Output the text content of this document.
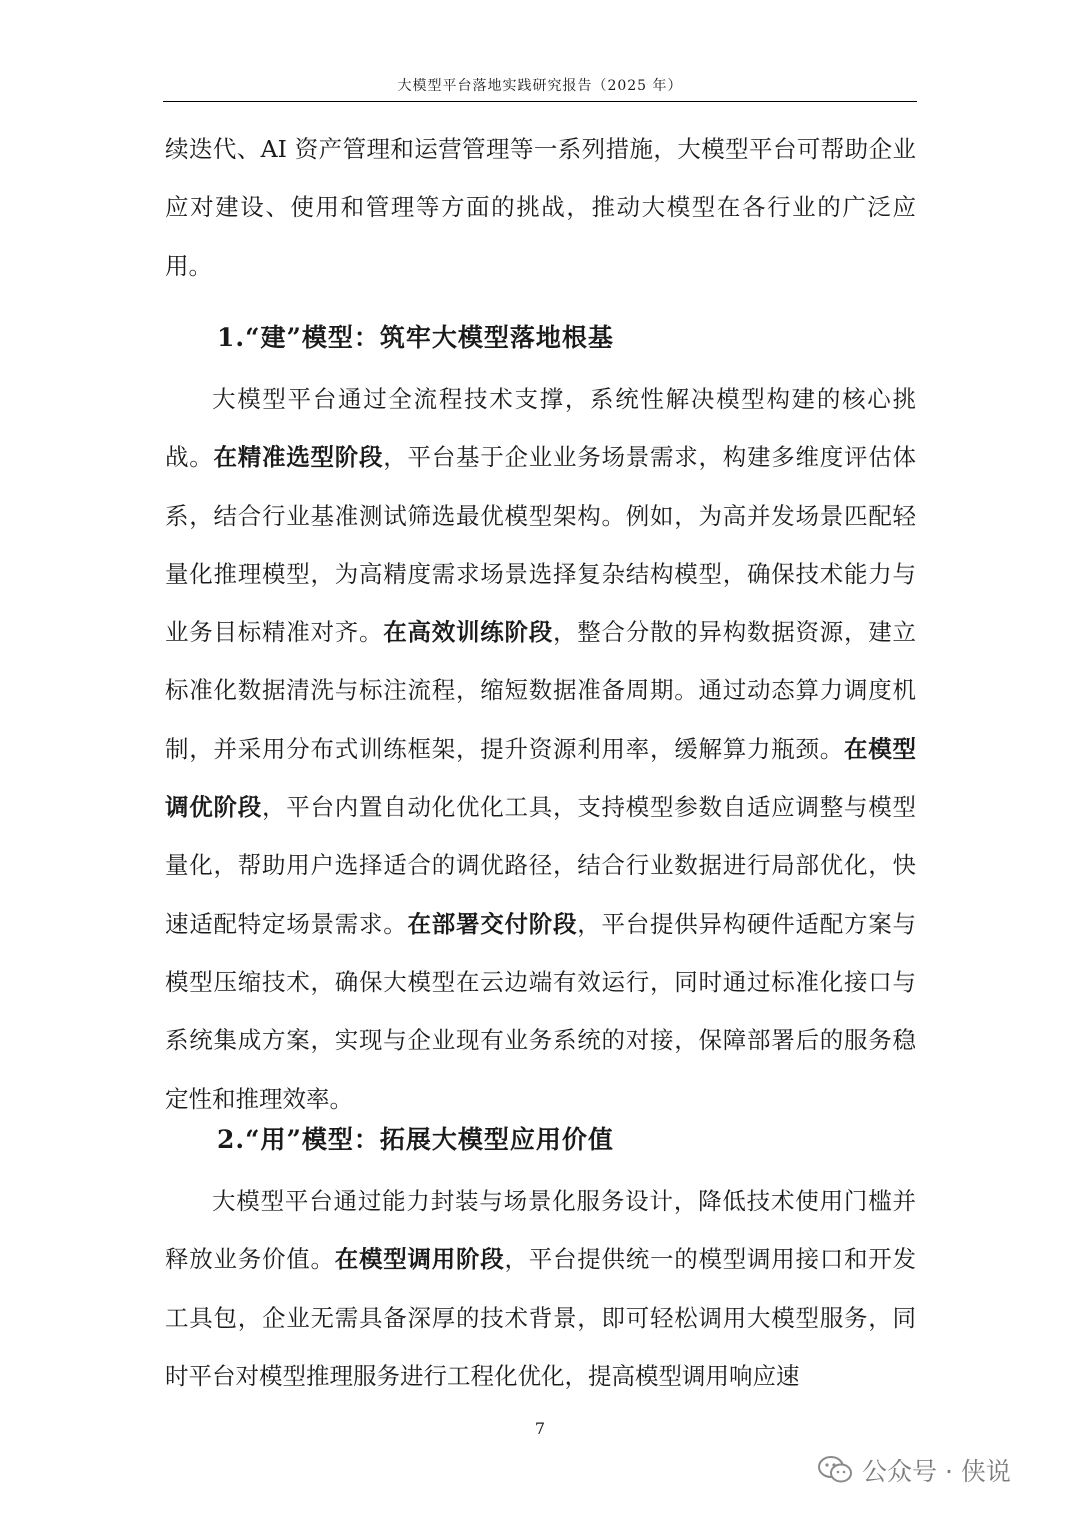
大模型平台落地实践研究报告（2025 年）

续迭代、AI 资产管理和运营管理等一系列措施，大模型平台可帮助企业应对建设、使用和管理等方面的挑战，推动大模型在各行业的广泛应用。

1.“建”模型：筑牢大模型落地根基

大模型平台通过全流程技术支撑，系统性解决模型构建的核心挑战。在精准选型阶段，平台基于企业业务场景需求，构建多维度评估体系，结合行业基准测试筛选最优模型架构。例如，为高并发场景匹配轻量化推理模型，为高精度需求场景选择复杂结构模型，确保技术能力与业务目标精准对齐。在高效训练阶段，整合分散的异构数据资源，建立标准化数据清洗与标注流程，缩短数据准备周期。通过动态算力调度机制，并采用分布式训练框架，提升资源利用率，缓解算力瓶颈。在模型调优阶段，平台内置自动化优化工具，支持模型参数自适应调整与模型量化，帮助用户选择适合的调优路径，结合行业数据进行局部优化，快速适配特定场景需求。在部署交付阶段，平台提供异构硬件适配方案与模型压缩技术，确保大模型在云边端有效运行，同时通过标准化接口与系统集成方案，实现与企业现有业务系统的对接，保障部署后的服务稳定性和推理效率。

2.“用”模型：拓展大模型应用价值

大模型平台通过能力封装与场景化服务设计，降低技术使用门槛并释放业务价值。在模型调用阶段，平台提供统一的模型调用接口和开发工具包，企业无需具备深厚的技术背景，即可轻松调用大模型服务，同时平台对模型推理服务进行工程化优化，提高模型调用响应速

7
公众号 · 侠说
